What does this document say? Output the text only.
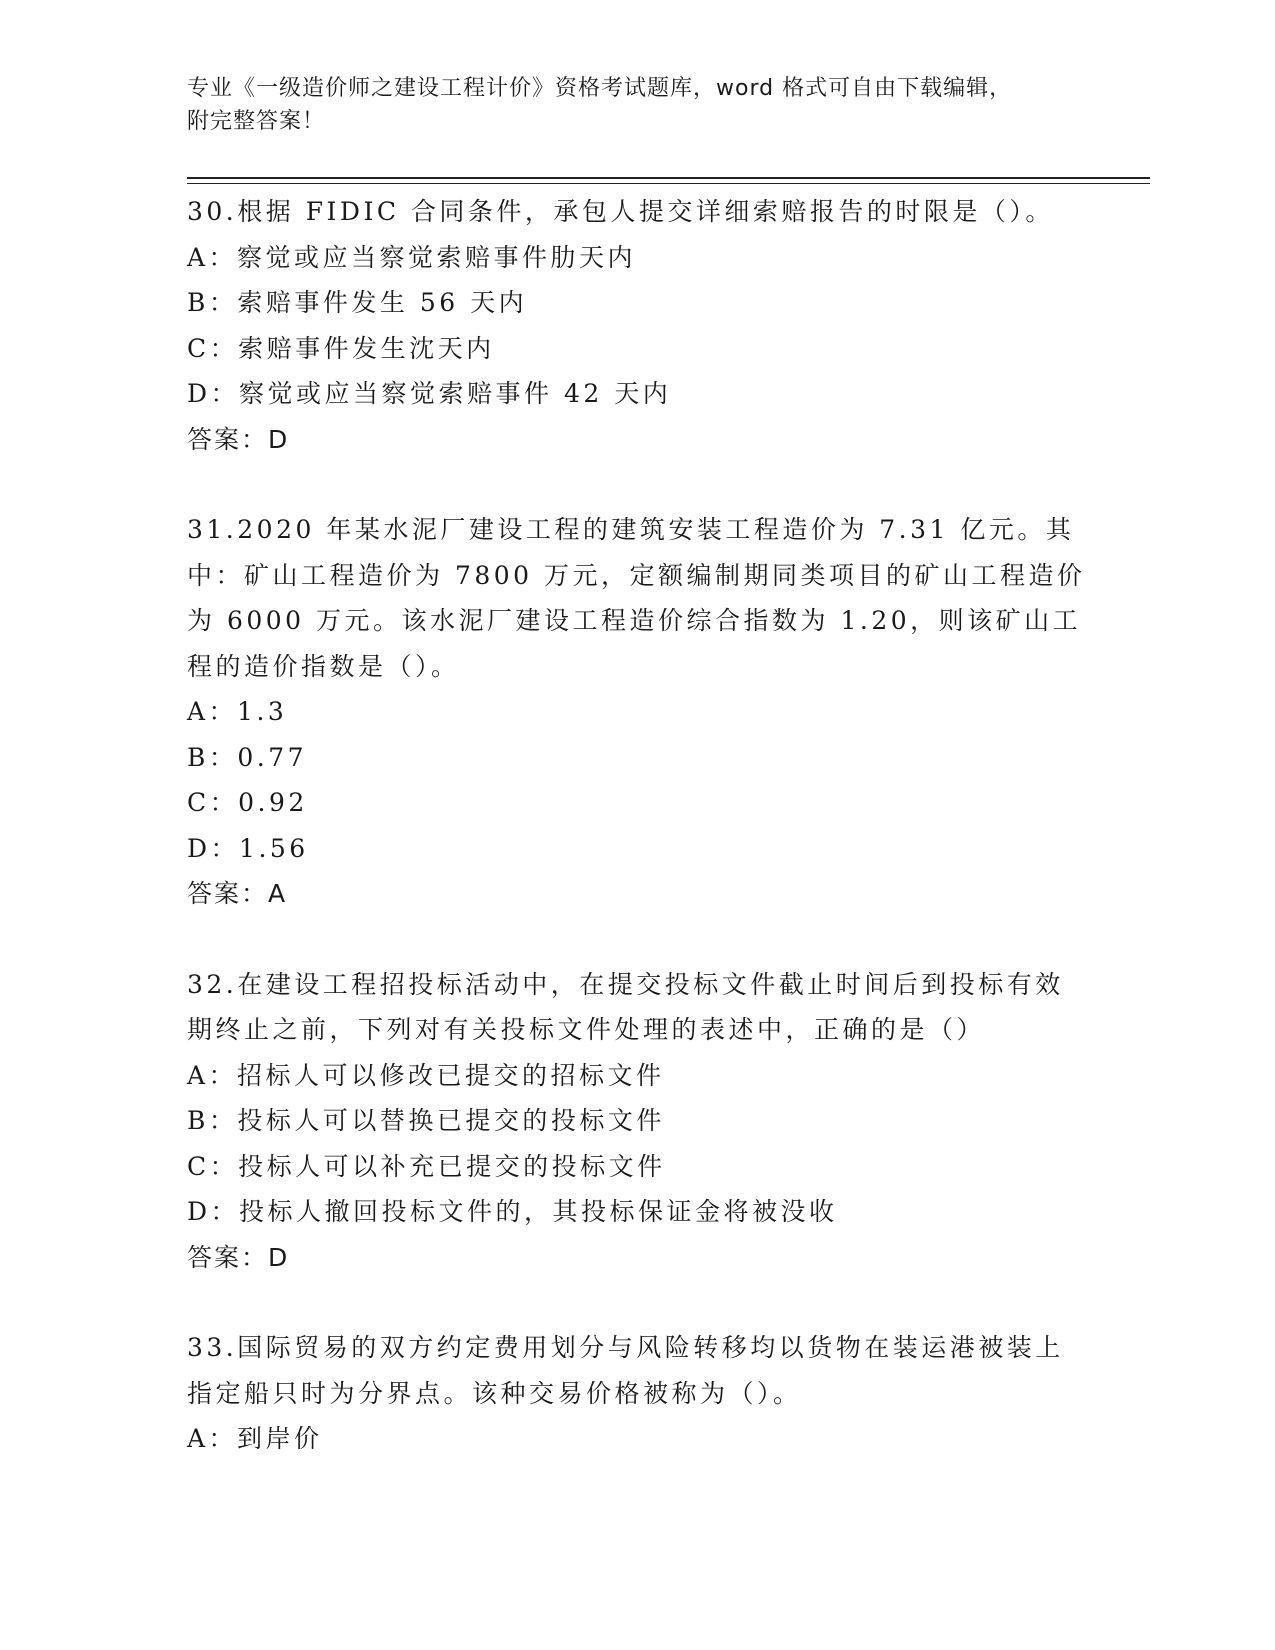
专业《一级造价师之建设工程计价》资格考试题库，word 格式可自由下载编辑，
附完整答案！
30.根据 FIDIC 合同条件，承包人提交详细索赔报告的时限是（）。
A：察觉或应当察觉索赔事件肋天内
B：索赔事件发生 56 天内
C：索赔事件发生沈天内
D：察觉或应当察觉索赔事件 42 天内
答案：D
31.2020 年某水泥厂建设工程的建筑安装工程造价为 7.31 亿元。其中：矿山工程造价为 7800 万元，定额编制期同类项目的矿山工程造价为 6000 万元。该水泥厂建设工程造价综合指数为 1.20，则该矿山工程的造价指数是（）。
A：1.3
B：0.77
C：0.92
D：1.56
答案：A
32.在建设工程招投标活动中，在提交投标文件截止时间后到投标有效期终止之前，下列对有关投标文件处理的表述中，正确的是（）
A：招标人可以修改已提交的招标文件
B：投标人可以替换已提交的投标文件
C：投标人可以补充已提交的投标文件
D：投标人撤回投标文件的，其投标保证金将被没收
答案：D
33.国际贸易的双方约定费用划分与风险转移均以货物在装运港被装上指定船只时为分界点。该种交易价格被称为（）。
A：到岸价
